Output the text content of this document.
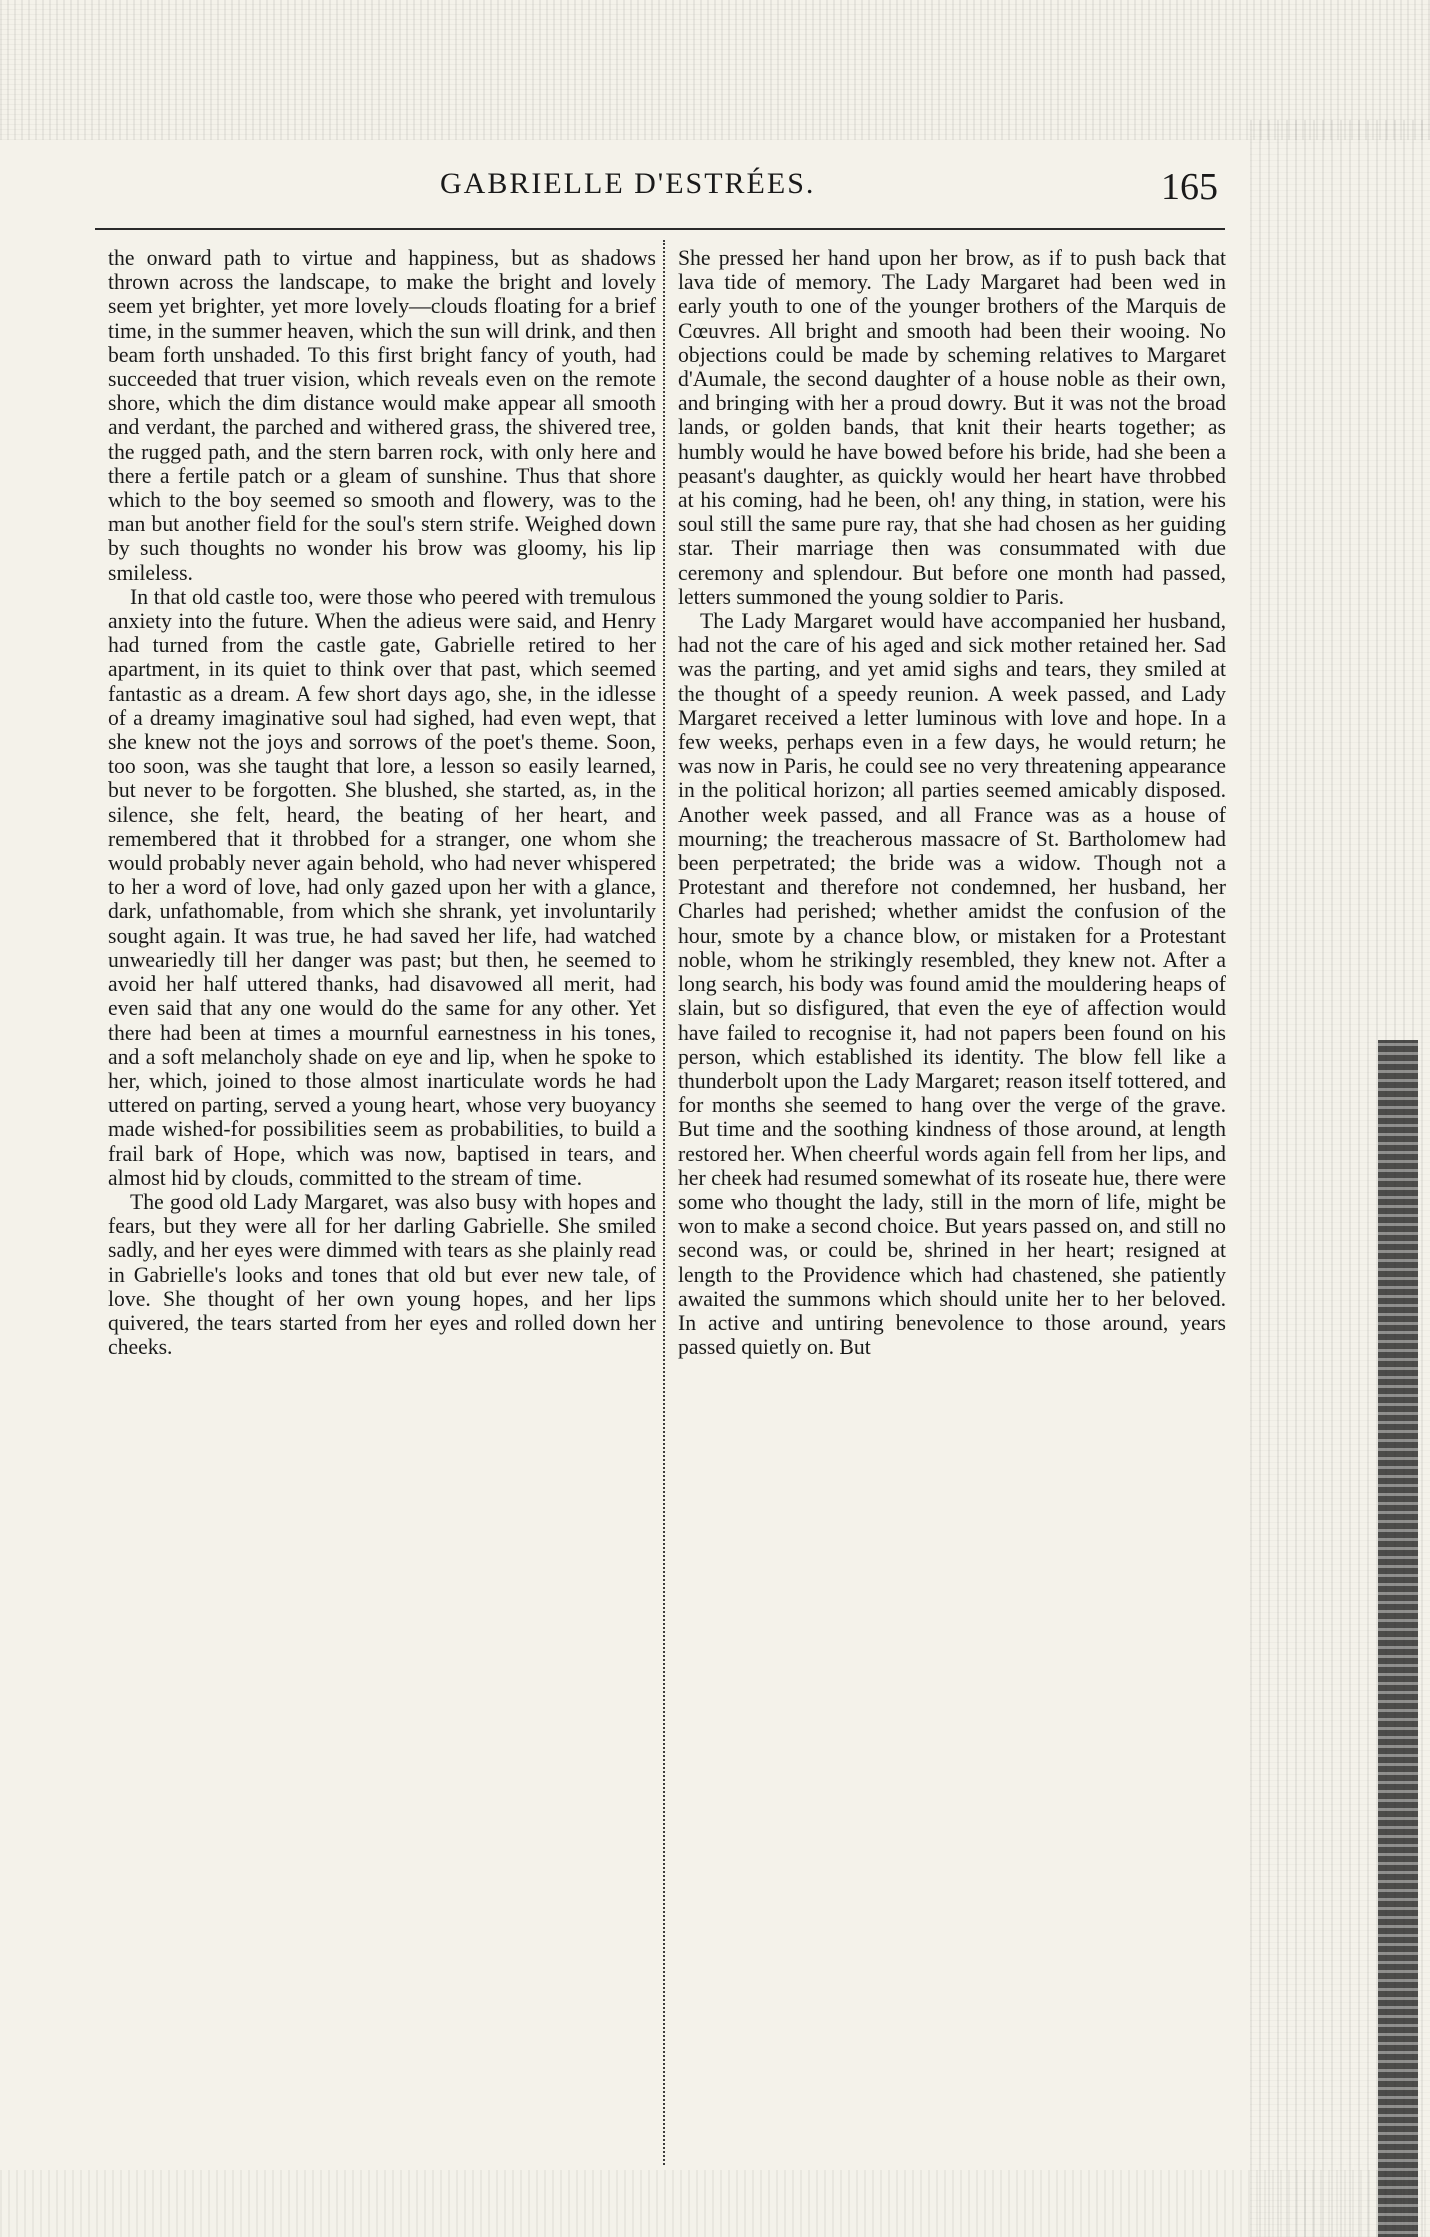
GABRIELLE D'ESTRÉES.	165

the onward path to virtue and happiness, but as shadows thrown across the landscape, to make the bright and lovely seem yet brighter, yet more lovely—clouds floating for a brief time, in the summer heaven, which the sun will drink, and then beam forth unshaded. To this first bright fancy of youth, had succeeded that truer vision, which reveals even on the remote shore, which the dim distance would make appear all smooth and verdant, the parched and withered grass, the shivered tree, the rugged path, and the stern barren rock, with only here and there a fertile patch or a gleam of sunshine. Thus that shore which to the boy seemed so smooth and flowery, was to the man but another field for the soul's stern strife. Weighed down by such thoughts no wonder his brow was gloomy, his lip smileless.

In that old castle too, were those who peered with tremulous anxiety into the future. When the adieus were said, and Henry had turned from the castle gate, Gabrielle retired to her apartment, in its quiet to think over that past, which seemed fantastic as a dream. A few short days ago, she, in the idlesse of a dreamy imaginative soul had sighed, had even wept, that she knew not the joys and sorrows of the poet's theme. Soon, too soon, was she taught that lore, a lesson so easily learned, but never to be forgotten. She blushed, she started, as, in the silence, she felt, heard, the beating of her heart, and remembered that it throbbed for a stranger, one whom she would probably never again behold, who had never whispered to her a word of love, had only gazed upon her with a glance, dark, unfathomable, from which she shrank, yet involuntarily sought again. It was true, he had saved her life, had watched unweariedly till her danger was past; but then, he seemed to avoid her half uttered thanks, had disavowed all merit, had even said that any one would do the same for any other. Yet there had been at times a mournful earnestness in his tones, and a soft melancholy shade on eye and lip, when he spoke to her, which, joined to those almost inarticulate words he had uttered on parting, served a young heart, whose very buoyancy made wished-for possibilities seem as probabilities, to build a frail bark of Hope, which was now, baptised in tears, and almost hid by clouds, committed to the stream of time.

The good old Lady Margaret, was also busy with hopes and fears, but they were all for her darling Gabrielle. She smiled sadly, and her eyes were dimmed with tears as she plainly read in Gabrielle's looks and tones that old but ever new tale, of love. She thought of her own young hopes, and her lips quivered, the tears started from her eyes and rolled down her cheeks.

She pressed her hand upon her brow, as if to push back that lava tide of memory. The Lady Margaret had been wed in early youth to one of the younger brothers of the Marquis de Cœuvres. All bright and smooth had been their wooing. No objections could be made by scheming relatives to Margaret d'Aumale, the second daughter of a house noble as their own, and bringing with her a proud dowry. But it was not the broad lands, or golden bands, that knit their hearts together; as humbly would he have bowed before his bride, had she been a peasant's daughter, as quickly would her heart have throbbed at his coming, had he been, oh! any thing, in station, were his soul still the same pure ray, that she had chosen as her guiding star. Their marriage then was consummated with due ceremony and splendour. But before one month had passed, letters summoned the young soldier to Paris.

The Lady Margaret would have accompanied her husband, had not the care of his aged and sick mother retained her. Sad was the parting, and yet amid sighs and tears, they smiled at the thought of a speedy reunion. A week passed, and Lady Margaret received a letter luminous with love and hope. In a few weeks, perhaps even in a few days, he would return; he was now in Paris, he could see no very threatening appearance in the political horizon; all parties seemed amicably disposed. Another week passed, and all France was as a house of mourning; the treacherous massacre of St. Bartholomew had been perpetrated; the bride was a widow. Though not a Protestant and therefore not condemned, her husband, her Charles had perished; whether amidst the confusion of the hour, smote by a chance blow, or mistaken for a Protestant noble, whom he strikingly resembled, they knew not. After a long search, his body was found amid the mouldering heaps of slain, but so disfigured, that even the eye of affection would have failed to recognise it, had not papers been found on his person, which established its identity. The blow fell like a thunderbolt upon the Lady Margaret; reason itself tottered, and for months she seemed to hang over the verge of the grave. But time and the soothing kindness of those around, at length restored her. When cheerful words again fell from her lips, and her cheek had resumed somewhat of its roseate hue, there were some who thought the lady, still in the morn of life, might be won to make a second choice. But years passed on, and still no second was, or could be, shrined in her heart; resigned at length to the Providence which had chastened, she patiently awaited the summons which should unite her to her beloved. In active and untiring benevolence to those around, years passed quietly on. But
